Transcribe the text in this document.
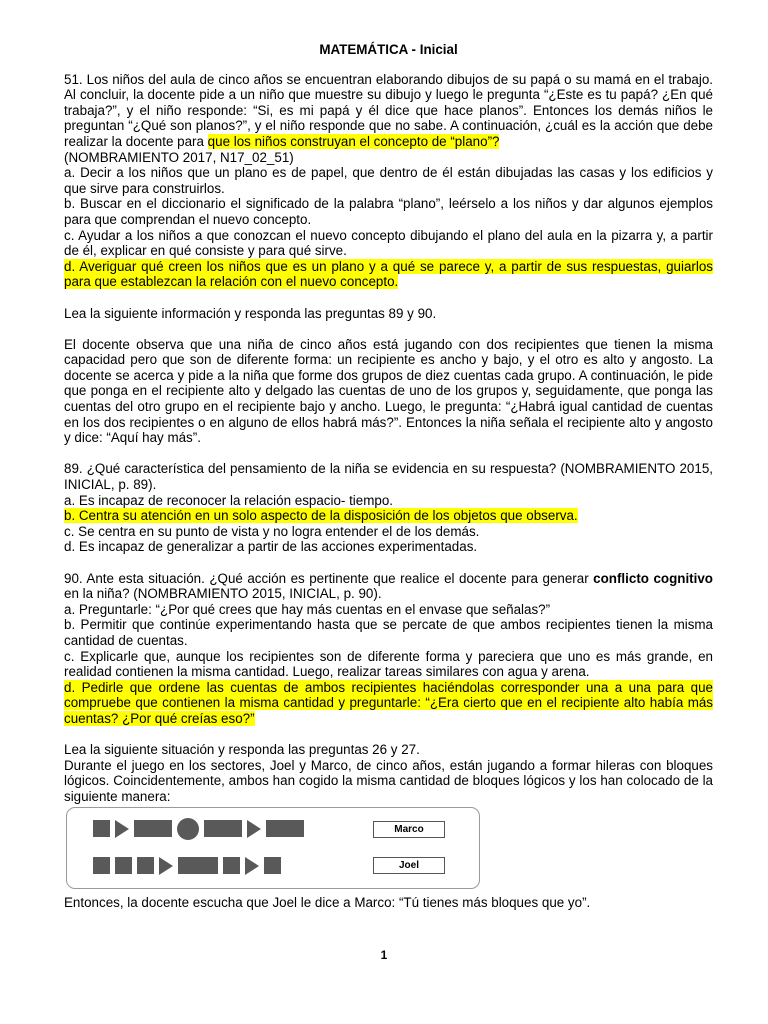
MATEMÁTICA - Inicial

51. Los niños del aula de cinco años se encuentran elaborando dibujos de su papá o su mamá en el trabajo. Al concluir, la docente pide a un niño que muestre su dibujo y luego le pregunta “¿Este es tu papá? ¿En qué trabaja?”, y el niño responde: “Si, es mi papá y él dice que hace planos”. Entonces los demás niños le preguntan “¿Qué son planos?”, y el niño responde que no sabe. A continuación, ¿cuál es la acción que debe realizar la docente para que los niños construyan el concepto de “plano”?

(NOMBRAMIENTO 2017, N17_02_51)

a. Decir a los niños que un plano es de papel, que dentro de él están dibujadas las casas y los edificios y que sirve para construirlos.

b. Buscar en el diccionario el significado de la palabra “plano”, leérselo a los niños y dar algunos ejemplos para que comprendan el nuevo concepto.

c. Ayudar a los niños a que conozcan el nuevo concepto dibujando el plano del aula en la pizarra y, a partir de él, explicar en qué consiste y para qué sirve.

d. Averiguar qué creen los niños que es un plano y a qué se parece y, a partir de sus respuestas, guiarlos para que establezcan la relación con el nuevo concepto.

Lea la siguiente información y responda las preguntas 89 y 90.

El docente observa que una niña de cinco años está jugando con dos recipientes que tienen la misma capacidad pero que son de diferente forma: un recipiente es ancho y bajo, y el otro es alto y angosto. La docente se acerca y pide a la niña que forme dos grupos de diez cuentas cada grupo. A continuación, le pide que ponga en el recipiente alto y delgado las cuentas de uno de los grupos y, seguidamente, que ponga las cuentas del otro grupo en el recipiente bajo y ancho. Luego, le pregunta: “¿Habrá igual cantidad de cuentas en los dos recipientes o en alguno de ellos habrá más?”. Entonces la niña señala el recipiente alto y angosto y dice: “Aquí hay más”.

89. ¿Qué característica del pensamiento de la niña se evidencia en su respuesta? (NOMBRAMIENTO 2015, INICIAL, p. 89).

a. Es incapaz de reconocer la relación espacio- tiempo.

b. Centra su atención en un solo aspecto de la disposición de los objetos que observa.

c. Se centra en su punto de vista y no logra entender el de los demás.

d. Es incapaz de generalizar a partir de las acciones experimentadas.

90. Ante esta situación. ¿Qué acción es pertinente que realice el docente para generar conflicto cognitivo en la niña? (NOMBRAMIENTO 2015, INICIAL, p. 90).

a. Preguntarle: “¿Por qué crees que hay más cuentas en el envase que señalas?”

b. Permitir que continúe experimentando hasta que se percate de que ambos recipientes tienen la misma cantidad de cuentas.

c. Explicarle que, aunque los recipientes son de diferente forma y pareciera que uno es más grande, en realidad contienen la misma cantidad. Luego, realizar tareas similares con agua y arena.

d. Pedirle que ordene las cuentas de ambos recipientes haciéndolas corresponder una a una para que compruebe que contienen la misma cantidad y preguntarle: “¿Era cierto que en el recipiente alto había más cuentas? ¿Por qué creías eso?”

Lea la siguiente situación y responda las preguntas 26 y 27.

Durante el juego en los sectores, Joel y Marco, de cinco años, están jugando a formar hileras con bloques lógicos. Coincidentemente, ambos han cogido la misma cantidad de bloques lógicos y los han colocado de la siguiente manera:

Marco
Joel

Entonces, la docente escucha que Joel le dice a Marco: “Tú tienes más bloques que yo”.

1
